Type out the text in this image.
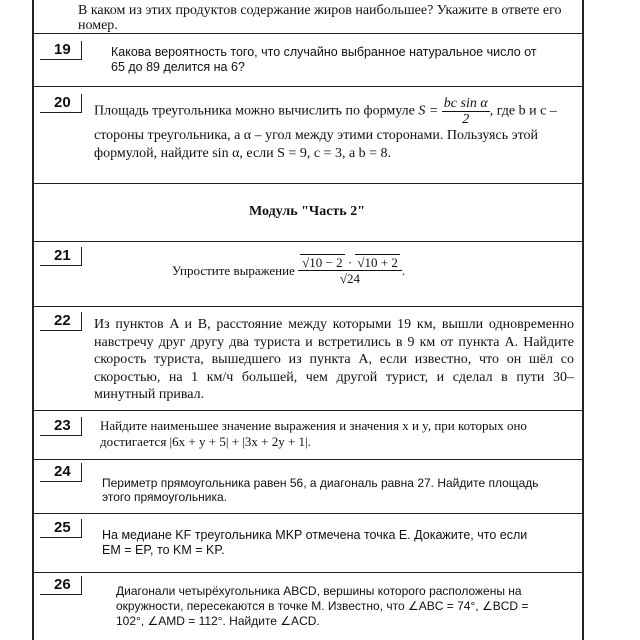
В каком из этих продуктов содержание жиров наибольшее? Укажите в ответе его номер.
19	Какова вероятность того, что случайно выбранное натуральное число от 65 до 89 делится на 6?
20
Площадь треугольника можно вычислить по формуле $S = \frac{\text{bc sin α}}{2}$ , где b и c – стороны треугольника, а α – угол между этими сторонами. Пользуясь этой формулой, найдите sin α, если S = 9, c = 3, а b = 8.
Модуль "Часть 2"
21
Упростите выражение $\frac{√10 - 2 \cdot √10 + 2}{√24}$ .
22	Из пунктов A и B, расстояние между которыми 19 км, вышли одновременно навстречу друг другу два туриста и встретились в 9 км от пункта A. Найдите скорость туриста, вышедшего из пункта A, если известно, что он шёл со скоростью, на 1 км/ч большей, чем другой турист, и сделал в пути 30–минутный привал.
23	Найдите наименьшее значение выражения и значения x и y, при которых оно достигается |6x + y + 5| + |3x + 2y + 1|.
24
Периметр прямоугольника равен 56, а диагональ равна 27. Найдите площадь этого прямоугольника.
25	На медиане KF треугольника MKP отмечена точка E. Докажите, что если EM = EP, то KM = KP.
26	Диагонали четырёхугольника ABCD, вершины которого расположены на окружности, пересекаются в точке M. Известно, что ∠ABC = 74°, ∠BCD = 102°, ∠AMD = 112°. Найдите ∠ACD.
